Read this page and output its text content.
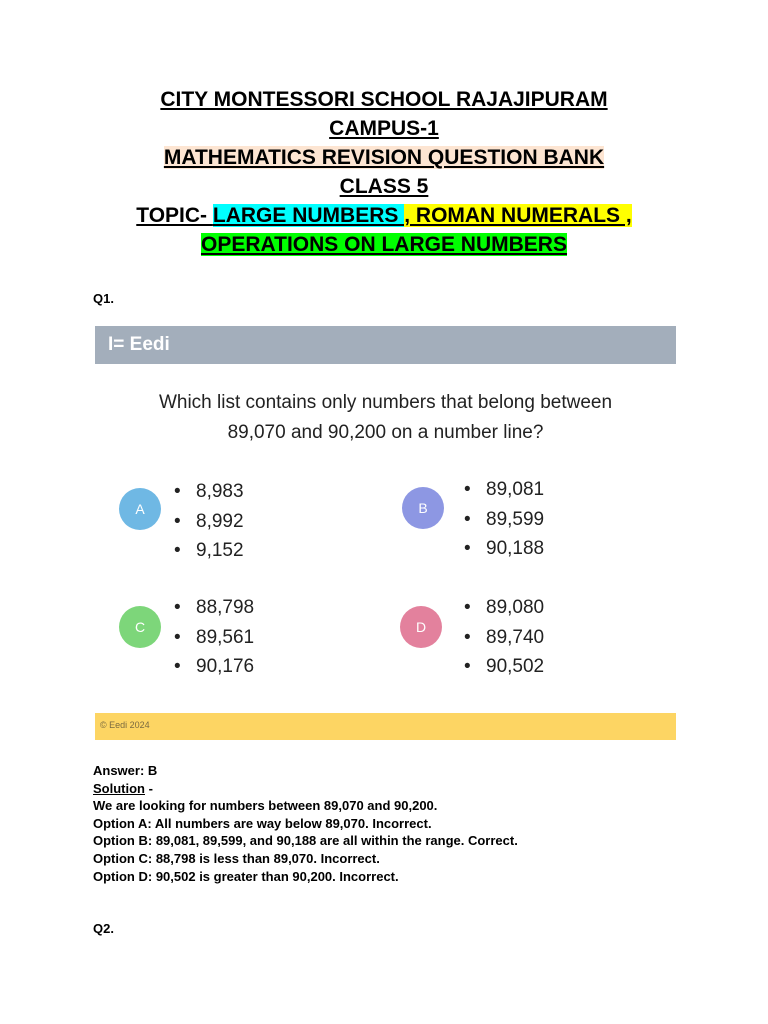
CITY MONTESSORI SCHOOL RAJAJIPURAM
CAMPUS-1
MATHEMATICS REVISION QUESTION BANK
CLASS 5
TOPIC- LARGE NUMBERS , ROMAN NUMERALS ,
OPERATIONS ON LARGE NUMBERS
Q1.
I= Eedi
Which list contains only numbers that belong between
89,070 and 90,200 on a number line?
A
• 8,983
• 8,992
• 9,152
B
• 89,081
• 89,599
• 90,188
C
• 88,798
• 89,561
• 90,176
D
• 89,080
• 89,740
• 90,502
© Eedi 2024
Answer: B
Solution -
We are looking for numbers between 89,070 and 90,200.
Option A: All numbers are way below 89,070. Incorrect.
Option B: 89,081, 89,599, and 90,188 are all within the range. Correct.
Option C: 88,798 is less than 89,070. Incorrect.
Option D: 90,502 is greater than 90,200. Incorrect.
Q2.
